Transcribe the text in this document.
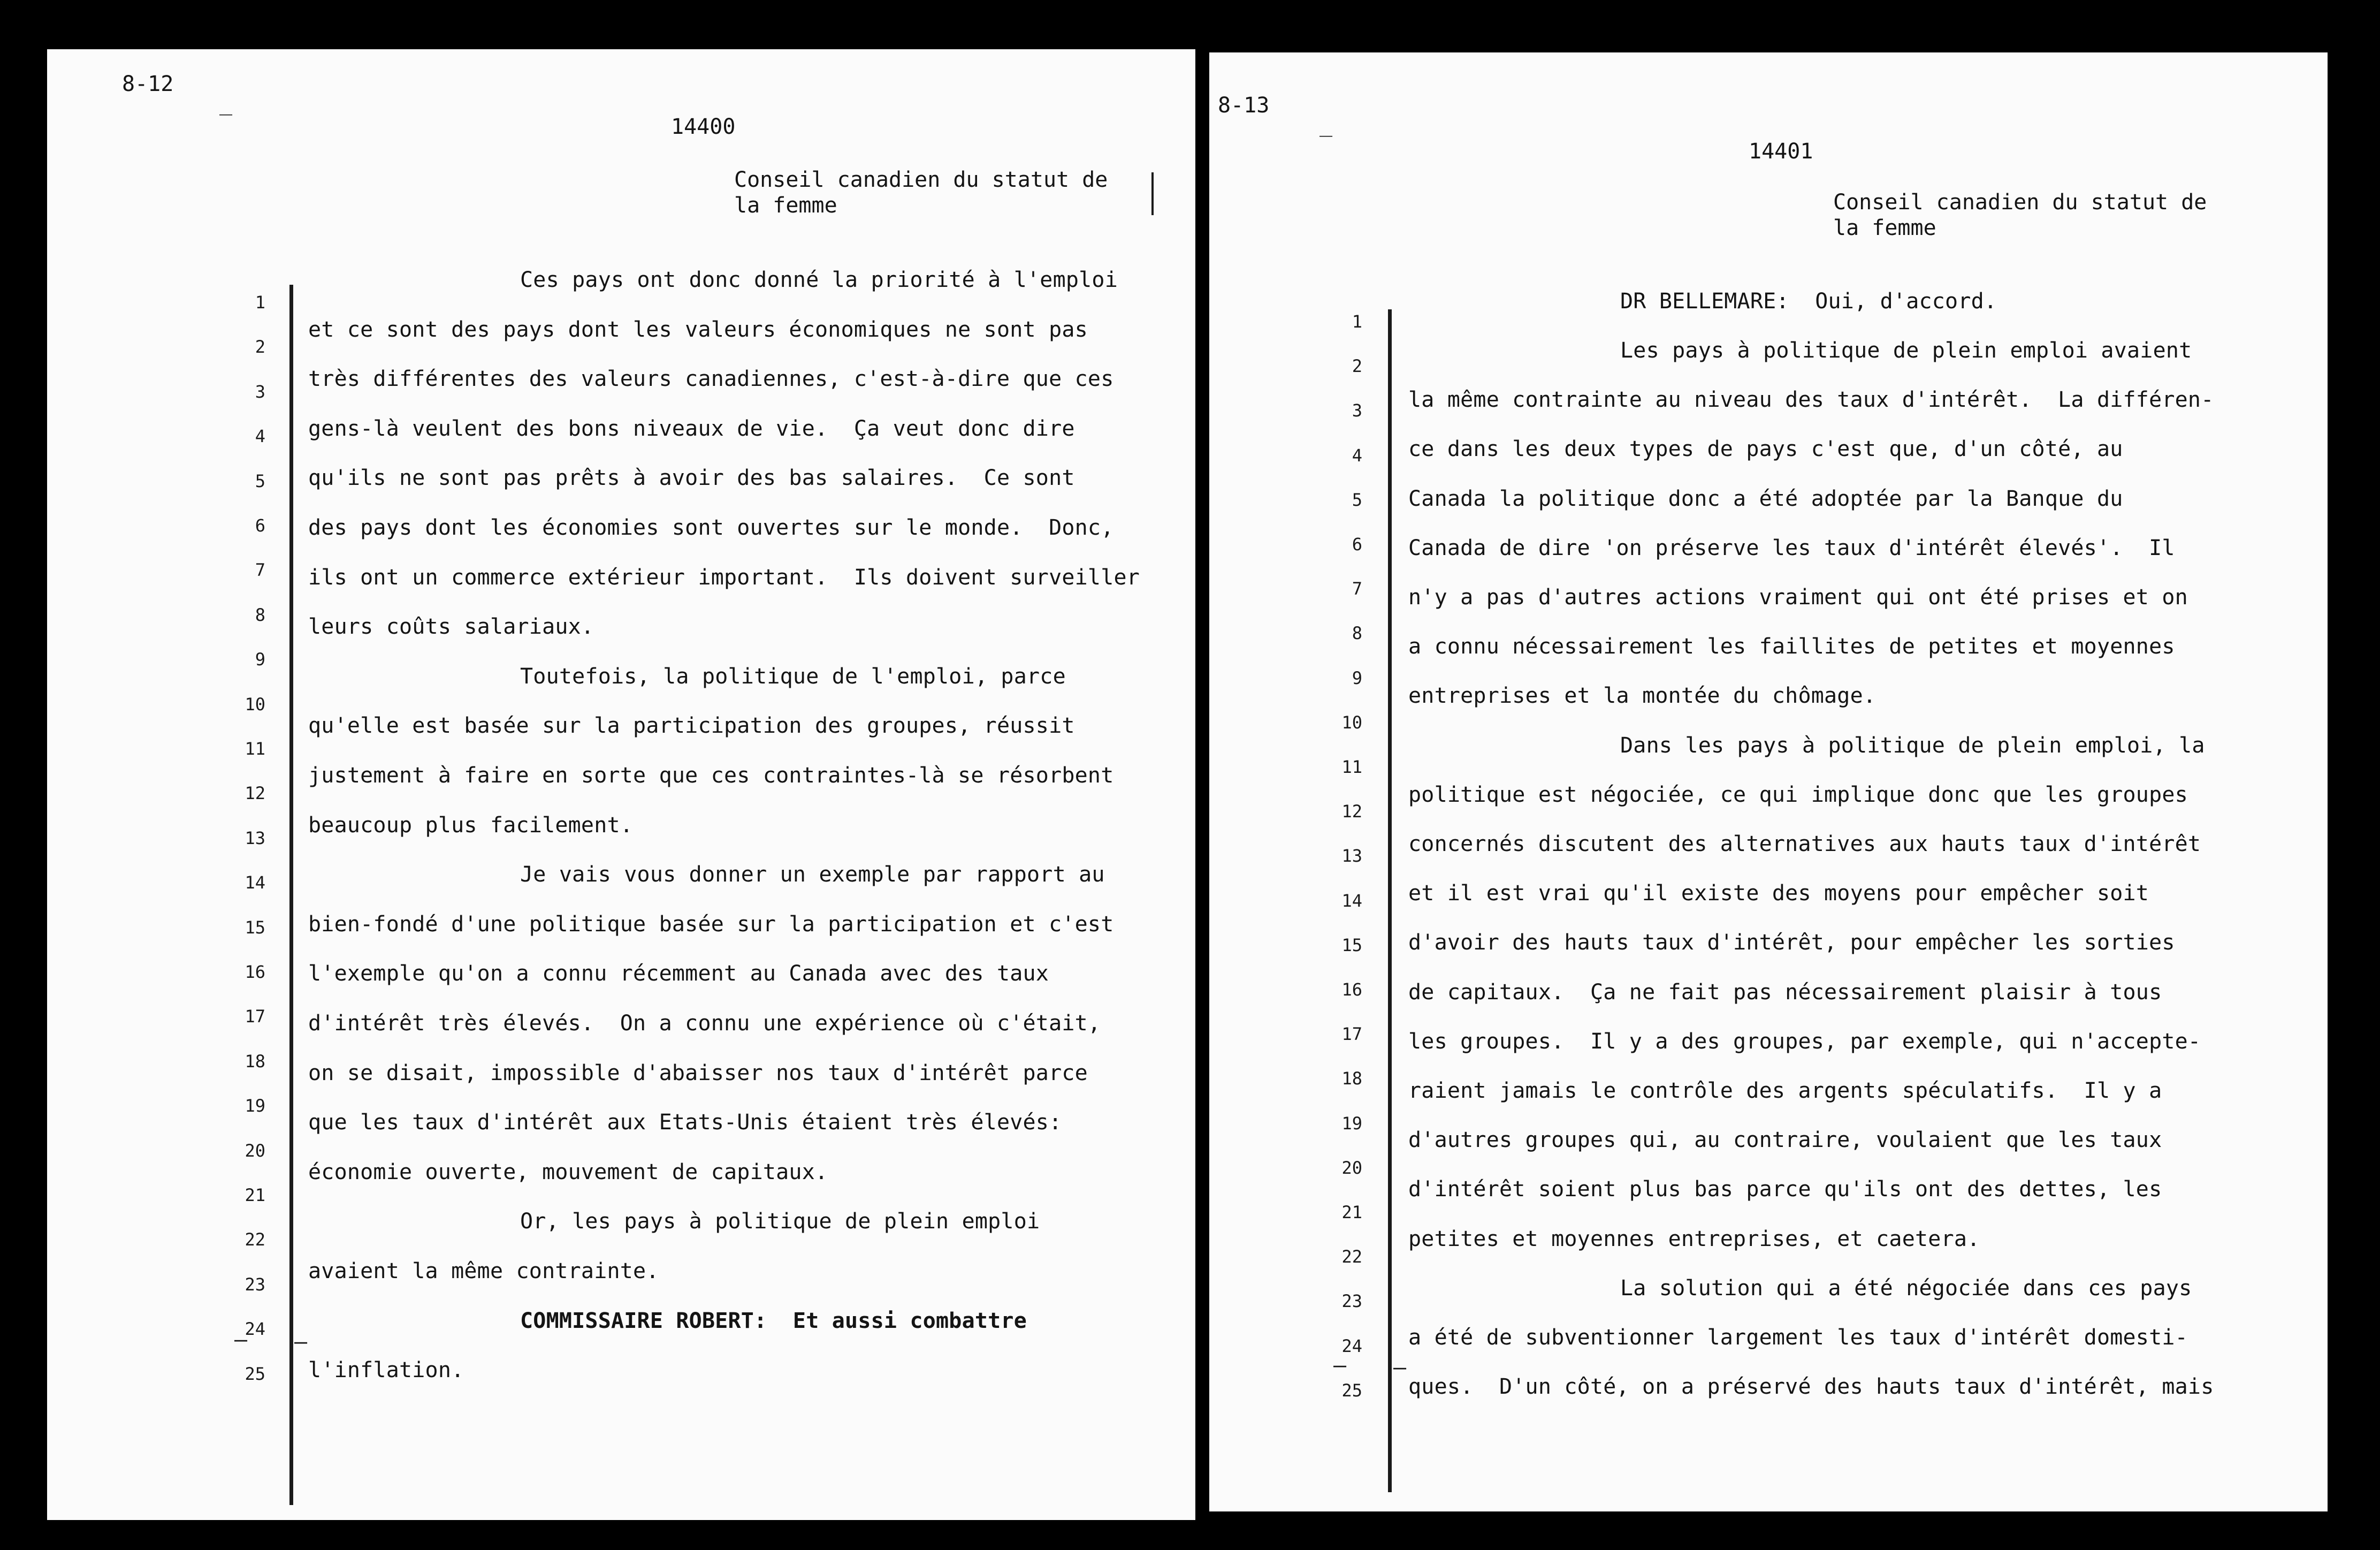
8-12
_
14400
Conseil canadien du statut de
la femme
— –
1
2
3
4
5
6
7
8
9
10
11
12
13
14
15
16
17
18
19
20
21
22
23
24
25
Ces pays ont donc donné la priorité à l'emploi
et ce sont des pays dont les valeurs économiques ne sont pas
très différentes des valeurs canadiennes, c'est-à-dire que ces
gens-là veulent des bons niveaux de vie.  Ça veut donc dire
qu'ils ne sont pas prêts à avoir des bas salaires.  Ce sont
des pays dont les économies sont ouvertes sur le monde.  Donc,
ils ont un commerce extérieur important.  Ils doivent surveiller
leurs coûts salariaux.
Toutefois, la politique de l'emploi, parce
qu'elle est basée sur la participation des groupes, réussit
justement à faire en sorte que ces contraintes-là se résorbent
beaucoup plus facilement.
Je vais vous donner un exemple par rapport au
bien-fondé d'une politique basée sur la participation et c'est
l'exemple qu'on a connu récemment au Canada avec des taux
d'intérêt très élevés.  On a connu une expérience où c'était,
on se disait, impossible d'abaisser nos taux d'intérêt parce
que les taux d'intérêt aux Etats-Unis étaient très élevés:
économie ouverte, mouvement de capitaux.
Or, les pays à politique de plein emploi
avaient la même contrainte.
COMMISSAIRE ROBERT:  Et aussi combattre
l'inflation.
8-13
_
14401
Conseil canadien du statut de
la femme
DR BELLEMARE:  Oui, d'accord.
— –
1
2
3
4
5
6
7
8
9
10
11
12
13
14
15
16
17
18
19
20
21
22
23
24
25
Les pays à politique de plein emploi avaient
la même contrainte au niveau des taux d'intérêt.  La différen-
ce dans les deux types de pays c'est que, d'un côté, au
Canada la politique donc a été adoptée par la Banque du
Canada de dire 'on préserve les taux d'intérêt élevés'.  Il
n'y a pas d'autres actions vraiment qui ont été prises et on
a connu nécessairement les faillites de petites et moyennes
entreprises et la montée du chômage.
Dans les pays à politique de plein emploi, la
politique est négociée, ce qui implique donc que les groupes
concernés discutent des alternatives aux hauts taux d'intérêt
et il est vrai qu'il existe des moyens pour empêcher soit
d'avoir des hauts taux d'intérêt, pour empêcher les sorties
de capitaux.  Ça ne fait pas nécessairement plaisir à tous
les groupes.  Il y a des groupes, par exemple, qui n'accepte-
raient jamais le contrôle des argents spéculatifs.  Il y a
d'autres groupes qui, au contraire, voulaient que les taux
d'intérêt soient plus bas parce qu'ils ont des dettes, les
petites et moyennes entreprises, et caetera.
La solution qui a été négociée dans ces pays
a été de subventionner largement les taux d'intérêt domesti-
ques.  D'un côté, on a préservé des hauts taux d'intérêt, mais
